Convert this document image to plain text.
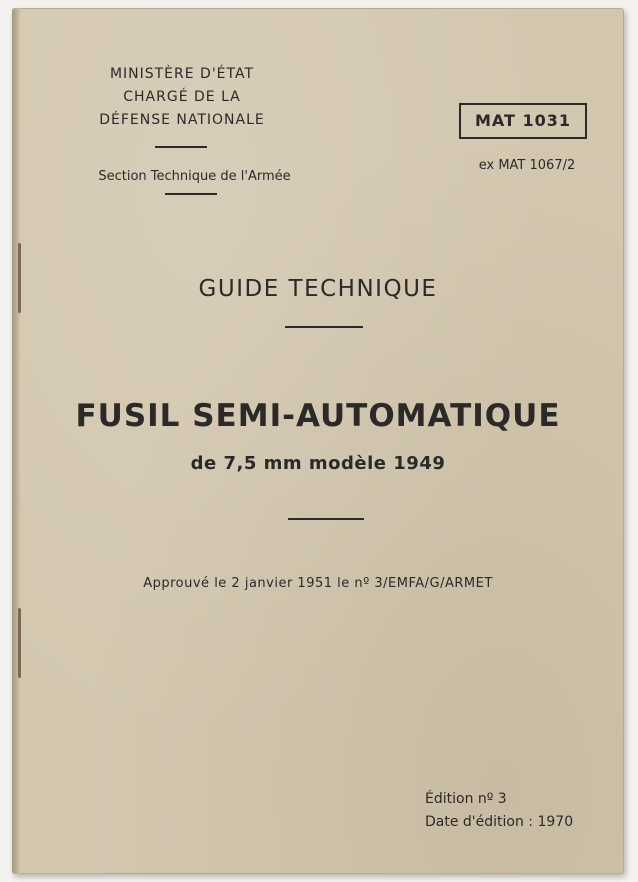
MINISTÈRE D'ÉTAT
CHARGÉ DE LA
DÉFENSE NATIONALE
Section Technique de l'Armée
MAT 1031
ex MAT 1067/2
GUIDE TECHNIQUE
FUSIL SEMI-AUTOMATIQUE
de 7,5 mm modèle 1949
Approuvé le 2 janvier 1951 le nº 3/EMFA/G/ARMET
Édition nº 3
Date d'édition : 1970
